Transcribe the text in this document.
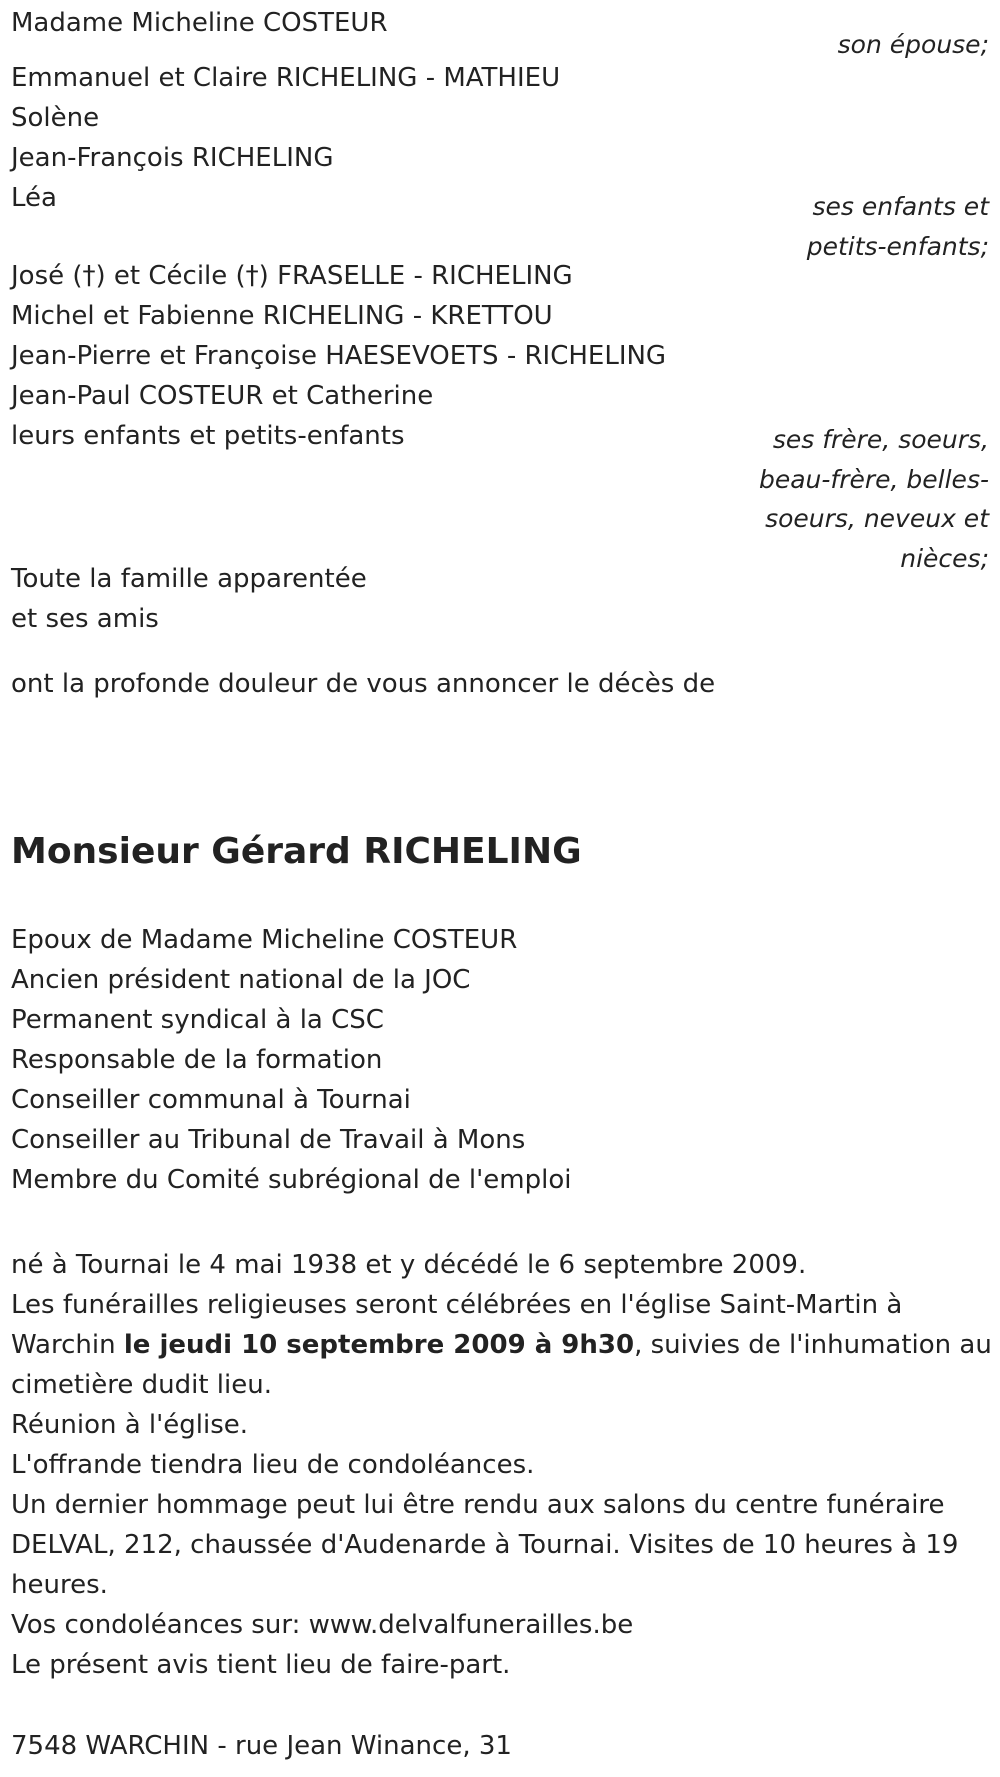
Madame Micheline COSTEUR
son épouse;
Emmanuel et Claire RICHELING - MATHIEU
Solène
Jean-François RICHELING
Léa	ses enfants et
petits-enfants;
José (†) et Cécile (†) FRASELLE - RICHELING
Michel et Fabienne RICHELING - KRETTOU
Jean-Pierre et Françoise HAESEVOETS - RICHELING
Jean-Paul COSTEUR et Catherine
leurs enfants et petits-enfants	ses frère, soeurs,
beau-frère, belles-
soeurs, neveux et
nièces;
Toute la famille apparentée
et ses amis
ont la profonde douleur de vous annoncer le décès de
Monsieur Gérard RICHELING
Epoux de Madame Micheline COSTEUR
Ancien président national de la JOC
Permanent syndical à la CSC
Responsable de la formation
Conseiller communal à Tournai
Conseiller au Tribunal de Travail à Mons
Membre du Comité subrégional de l'emploi
né à Tournai le 4 mai 1938 et y décédé le 6 septembre 2009.
Les funérailles religieuses seront célébrées en l'église Saint-Martin à
Warchin le jeudi 10 septembre 2009 à 9h30, suivies de l'inhumation au
cimetière dudit lieu.
Réunion à l'église.
L'offrande tiendra lieu de condoléances.
Un dernier hommage peut lui être rendu aux salons du centre funéraire
DELVAL, 212, chaussée d'Audenarde à Tournai. Visites de 10 heures à 19
heures.
Vos condoléances sur: www.delvalfunerailles.be
Le présent avis tient lieu de faire-part.
7548 WARCHIN - rue Jean Winance, 31
